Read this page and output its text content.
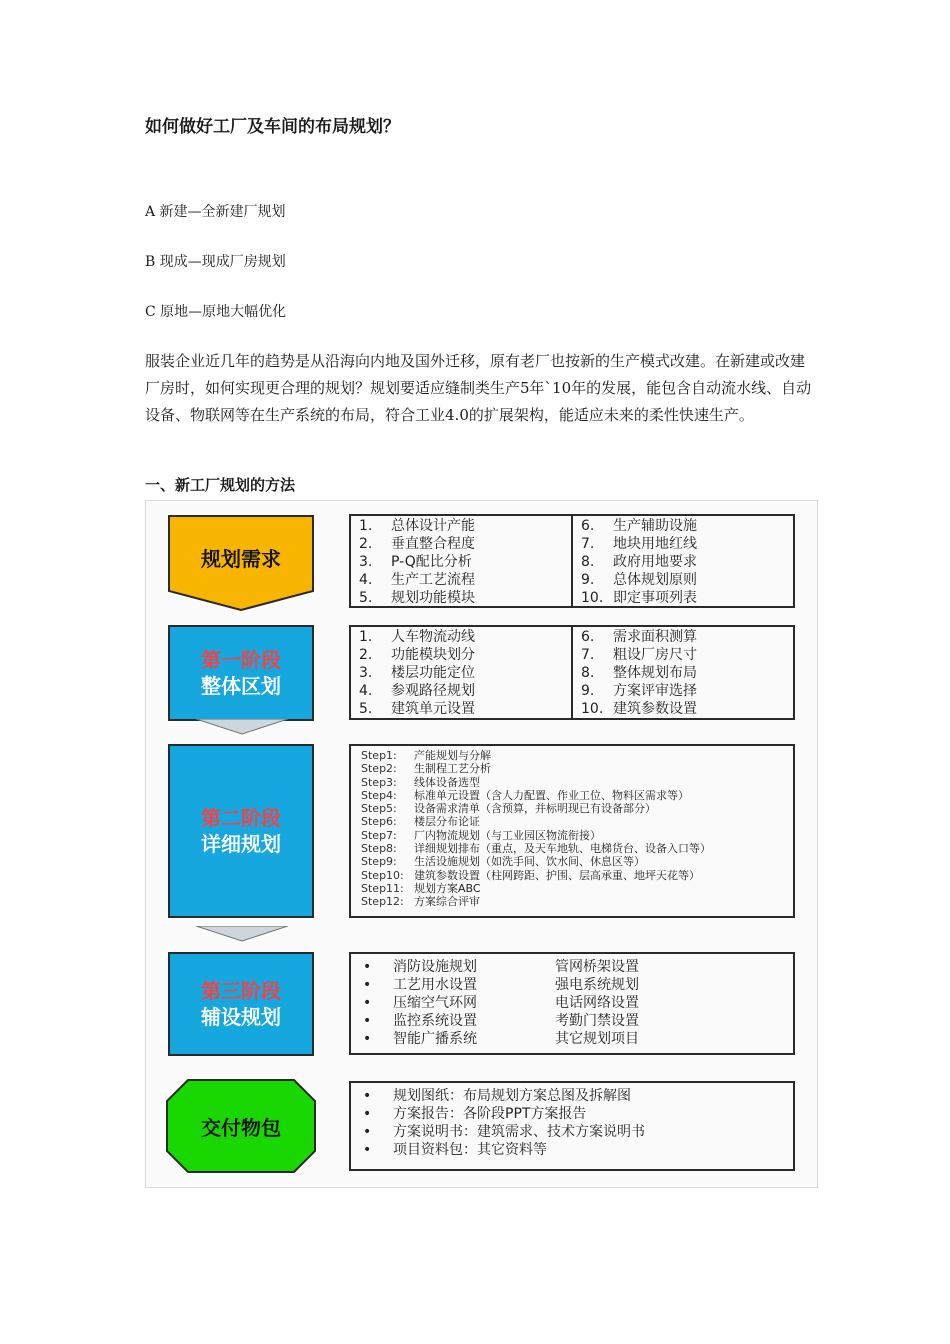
如何做好工厂及车间的布局规划？
A 新建—全新建厂规划
B 现成—现成厂房规划
C 原地—原地大幅优化

服装企业近几年的趋势是从沿海向内地及国外迁移，原有老厂也按新的生产模式改建。在新建或改建厂房时，如何实现更合理的规划？规划要适应缝制类生产5年`10年的发展，能包含自动流水线、自动设备、物联网等在生产系统的布局，符合工业4.0的扩展架构，能适应未来的柔性快速生产。

一、新工厂规划的方法
规划需求
1.	总体设计产能
2.	垂直整合程度
3.	P-Q配比分析
4.	生产工艺流程
5.	规划功能模块
6.	生产辅助设施
7.	地块用地红线
8.	政府用地要求
9.	总体规划原则
10. 即定事项列表
第一阶段
整体区划
1.	人车物流动线
2.	功能模块划分
3.	楼层功能定位
4.	参观路径规划
5.	建筑单元设置
6.	需求面积测算
7.	粗设厂房尺寸
8.	整体规划布局
9.	方案评审选择
10. 建筑参数设置
第二阶段
详细规划
Step1: 产能规划与分解
Step2: 生制程工艺分析
Step3: 线体设备选型
Step4: 标准单元设置（含人力配置、作业工位、物料区需求等）
Step5: 设备需求清单（含预算，并标明现已有设备部分）
Step6: 楼层分布论证
Step7: 厂内物流规划（与工业园区物流衔接）
Step8: 详细规划排布（重点，及天车地轨、电梯货台、设备入口等）
Step9: 生活设施规划（如洗手间、饮水间、休息区等）
Step10: 建筑参数设置（柱网跨距、护围、层高承重、地坪天花等）
Step11: 规划方案ABC
Step12: 方案综合评审
第三阶段
辅设规划
•	消防设施规划	管网桥架设置
•	工艺用水设置	强电系统规划
•	压缩空气环网	电话网络设置
•	监控系统设置	考勤门禁设置
•	智能广播系统	其它规划项目
交付物包
•	规划图纸：布局规划方案总图及拆解图
•	方案报告：各阶段PPT方案报告
•	方案说明书：建筑需求、技术方案说明书
•	项目资料包：其它资料等
